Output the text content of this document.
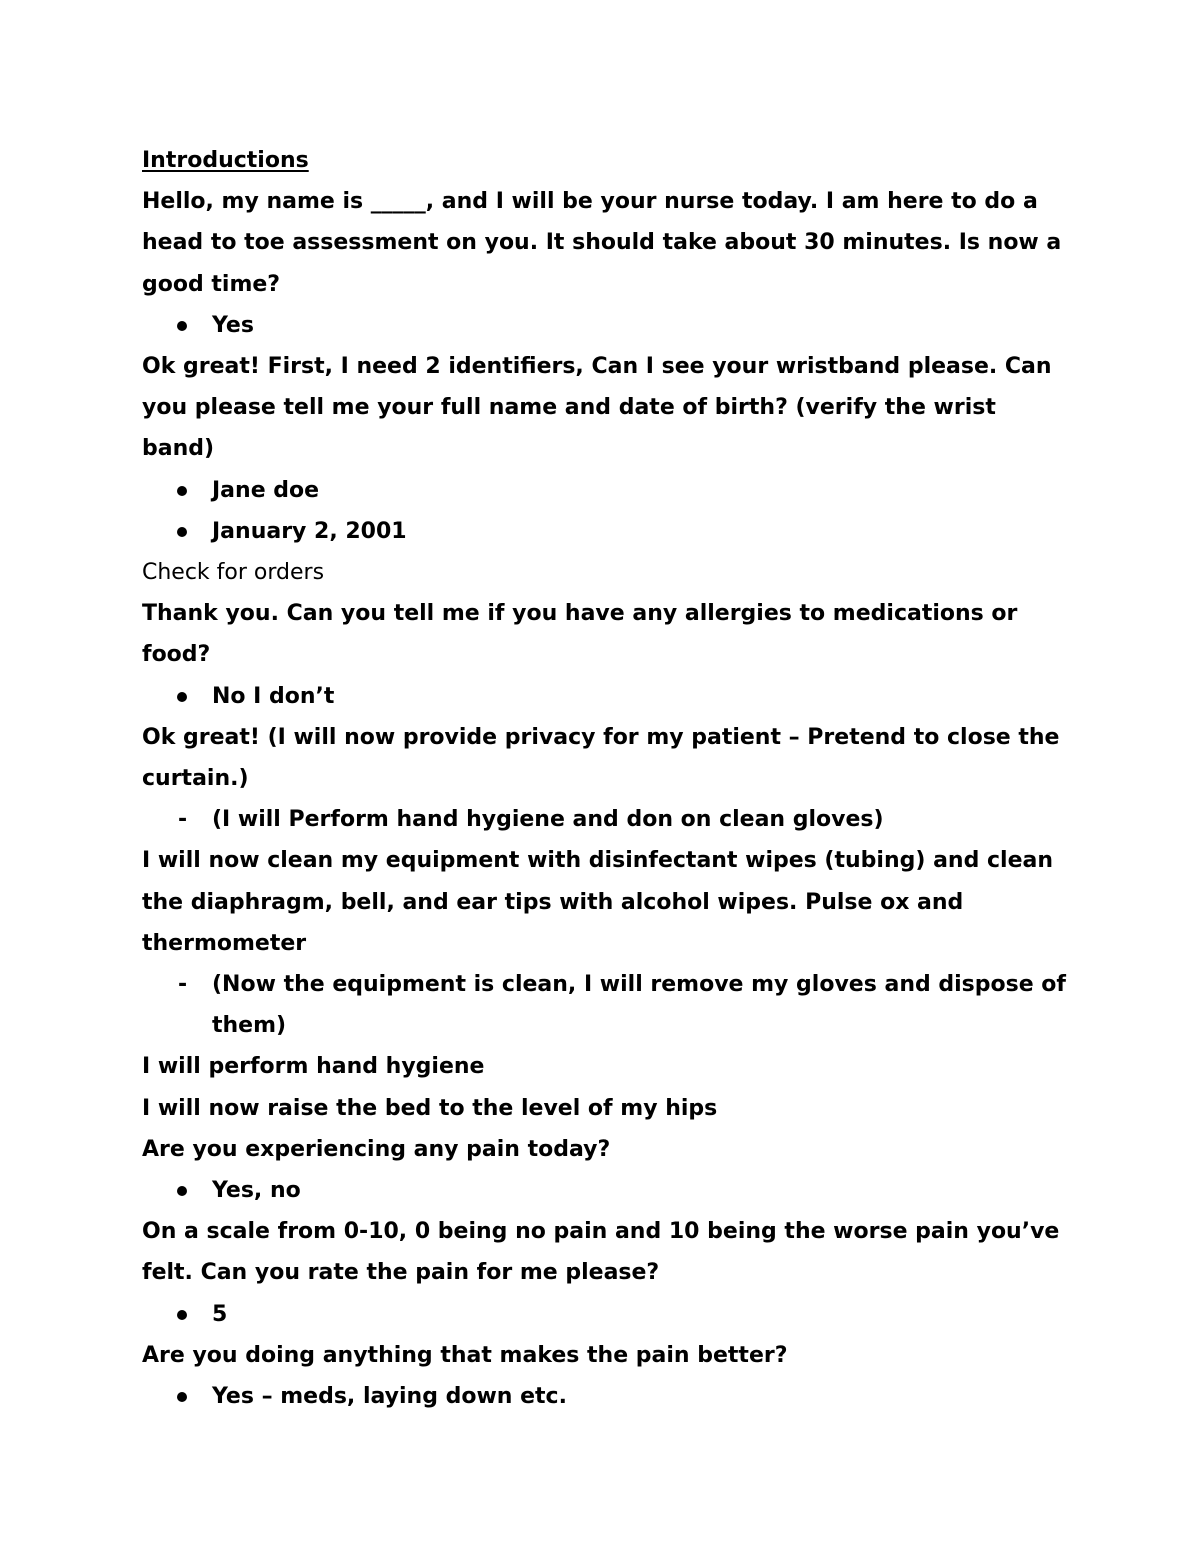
Introductions

Hello, my name is _____, and I will be your nurse today. I am here to do a head to toe assessment on you. It should take about 30 minutes. Is now a good time?

Yes

Ok great! First, I need 2 identifiers, Can I see your wristband please. Can you please tell me your full name and date of birth? (verify the wrist band)

Jane doe
January 2, 2001

Check for orders

Thank you. Can you tell me if you have any allergies to medications or food?

No I don’t

Ok great! (I will now provide privacy for my patient – Pretend to close the curtain.)

- (I will Perform hand hygiene and don on clean gloves)

I will now clean my equipment with disinfectant wipes (tubing) and clean the diaphragm, bell, and ear tips with alcohol wipes. Pulse ox and thermometer

- (Now the equipment is clean, I will remove my gloves and dispose of them)

I will perform hand hygiene

I will now raise the bed to the level of my hips

Are you experiencing any pain today?

Yes, no

On a scale from 0-10, 0 being no pain and 10 being the worse pain you’ve felt. Can you rate the pain for me please?

5

Are you doing anything that makes the pain better?

Yes – meds, laying down etc.
